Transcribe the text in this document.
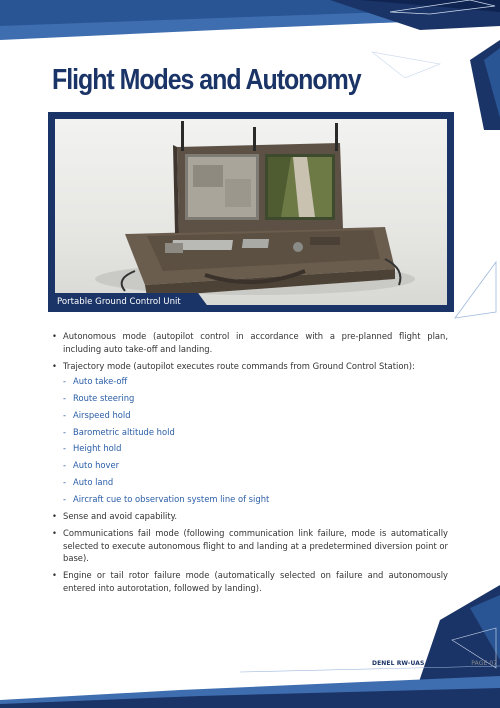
Flight Modes and Autonomy
Portable Ground Control Unit
• Autonomous mode (autopilot control in accordance with a pre-planned flight plan, including auto take-off and landing.
• Trajectory mode (autopilot executes route commands from Ground Control Station):
- Auto take-off
- Route steering
- Airspeed hold
- Barometric altitude hold
- Height hold
- Auto hover
- Auto land
- Aircraft cue to observation system line of sight
• Sense and avoid capability.
• Communications fail mode (following communication link failure, mode is automatically selected to execute autonomous flight to and landing at a predetermined diversion point or base).
• Engine or tail rotor failure mode (automatically selected on failure and autonomously entered into autorotation, followed by landing).
DENEL RW-UAS BROCHURE | PAGE 07
